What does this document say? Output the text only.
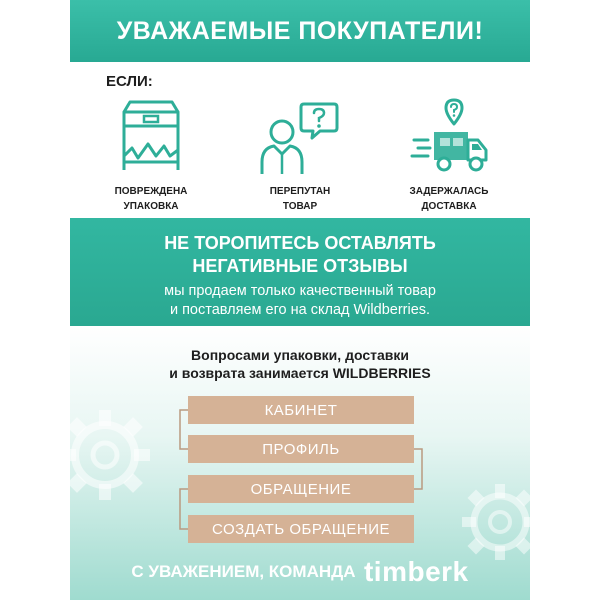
УВАЖАЕМЫЕ ПОКУПАТЕЛИ!
ЕСЛИ:
ПОВРЕЖДЕНА
УПАКОВКА
ПЕРЕПУТАН
ТОВАР
ЗАДЕРЖАЛАСЬ
ДОСТАВКА
НЕ ТОРОПИТЕСЬ ОСТАВЛЯТЬ
НЕГАТИВНЫЕ ОТЗЫВЫ
мы продаем только качественный товар
и поставляем его на склад Wildberries.
Вопросами упаковки, доставки
и возврата занимается WILDBERRIES
КАБИНЕТ
ПРОФИЛЬ
ОБРАЩЕНИЕ
СОЗДАТЬ ОБРАЩЕНИЕ
С УВАЖЕНИЕМ, КОМАНДА timberk
